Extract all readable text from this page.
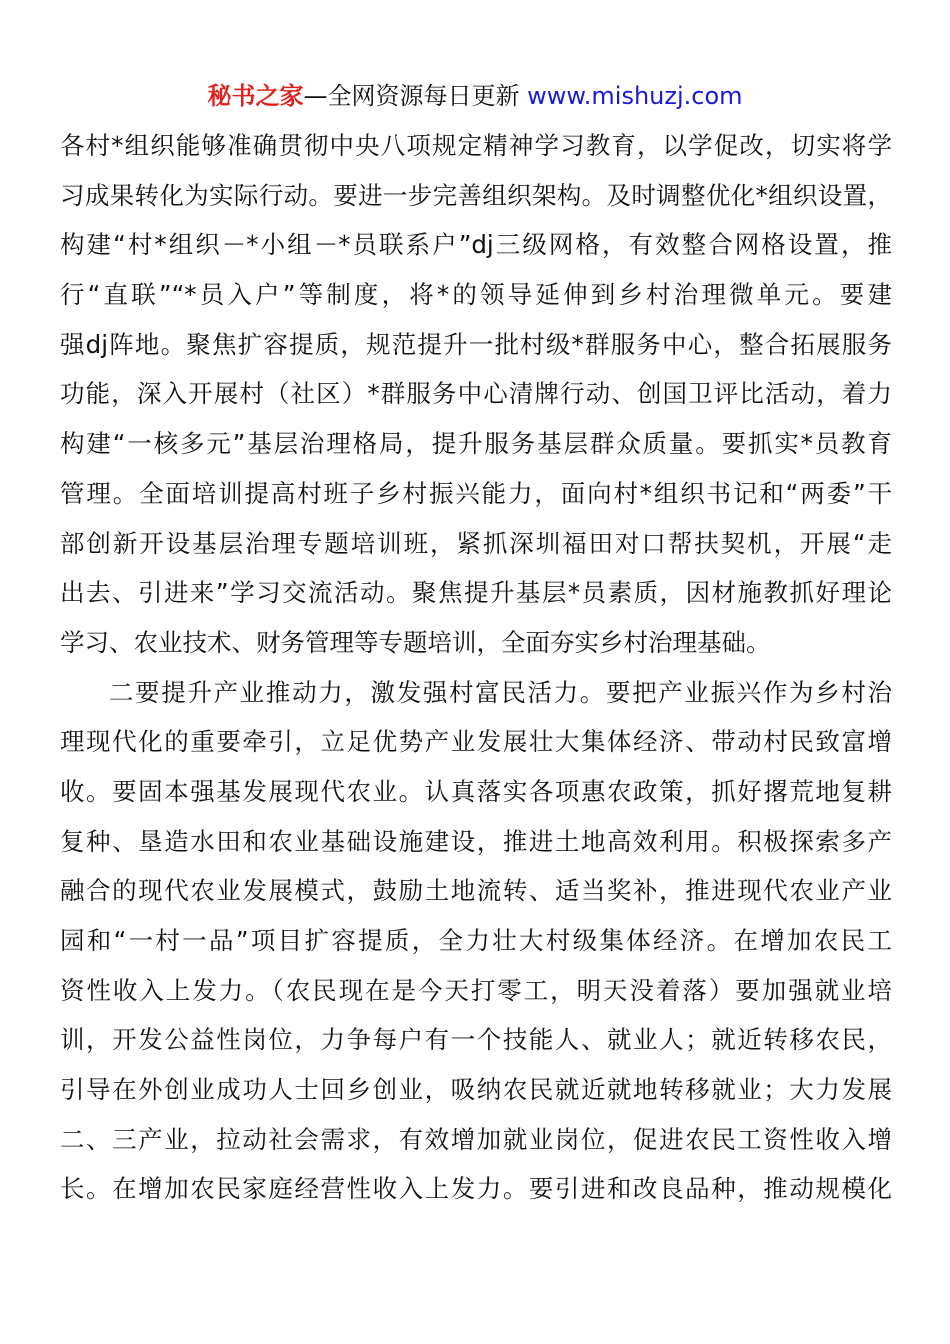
秘书之家—全网资源每日更新 www.mishuzj.com
各村*组织能够准确贯彻中央八项规定精神学习教育，以学促改，切实将学
习成果转化为实际行动。要进一步完善组织架构。及时调整优化*组织设置，
构建“村*组织－*小组－*员联系户”dj三级网格，有效整合网格设置，推
行“直联”“*员入户”等制度，将*的领导延伸到乡村治理微单元。要建
强dj阵地。聚焦扩容提质，规范提升一批村级*群服务中心，整合拓展服务
功能，深入开展村（社区）*群服务中心清牌行动、创国卫评比活动，着力
构建“一核多元”基层治理格局，提升服务基层群众质量。要抓实*员教育
管理。全面培训提高村班子乡村振兴能力，面向村*组织书记和“两委”干
部创新开设基层治理专题培训班，紧抓深圳福田对口帮扶契机，开展“走
出去、引进来”学习交流活动。聚焦提升基层*员素质，因材施教抓好理论
学习、农业技术、财务管理等专题培训，全面夯实乡村治理基础。
二要提升产业推动力，激发强村富民活力。要把产业振兴作为乡村治
理现代化的重要牵引，立足优势产业发展壮大集体经济、带动村民致富增
收。要固本强基发展现代农业。认真落实各项惠农政策，抓好撂荒地复耕
复种、垦造水田和农业基础设施建设，推进土地高效利用。积极探索多产
融合的现代农业发展模式，鼓励土地流转、适当奖补，推进现代农业产业
园和“一村一品”项目扩容提质，全力壮大村级集体经济。在增加农民工
资性收入上发力。（农民现在是今天打零工，明天没着落）要加强就业培
训，开发公益性岗位，力争每户有一个技能人、就业人；就近转移农民，
引导在外创业成功人士回乡创业，吸纳农民就近就地转移就业；大力发展
二、三产业，拉动社会需求，有效增加就业岗位，促进农民工资性收入增
长。在增加农民家庭经营性收入上发力。要引进和改良品种，推动规模化
